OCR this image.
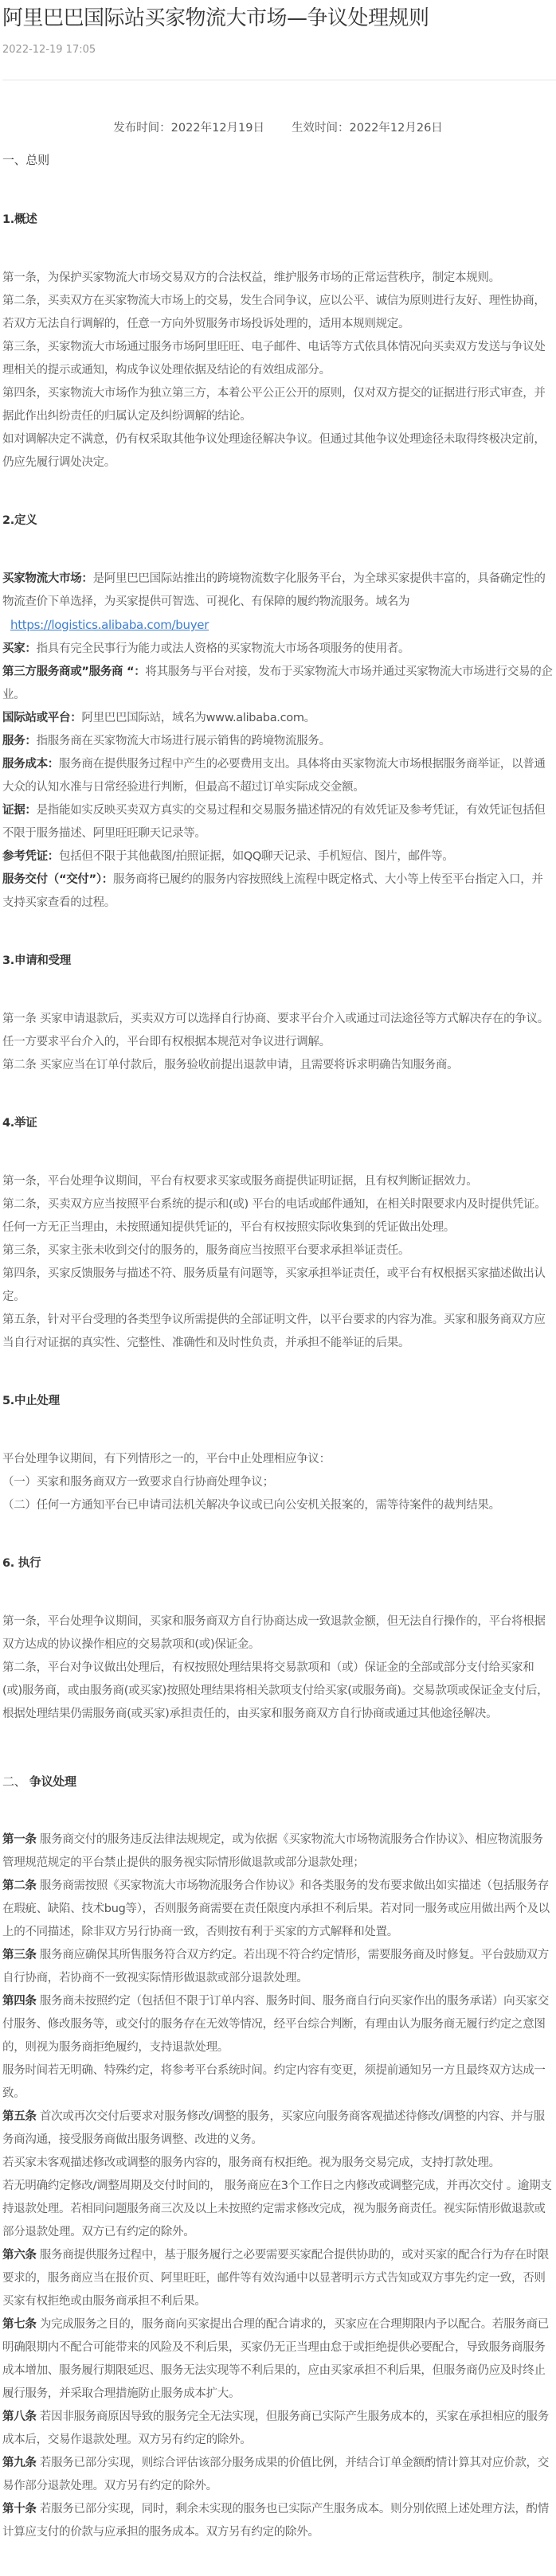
阿里巴巴国际站买家物流大市场—争议处理规则
2022-12-19 17:05
发布时间：2022年12月19日 生效时间：2022年12月26日
一、总则
1.概述

第一条，为保护买家物流大市场交易双方的合法权益，维护服务市场的正常运营秩序，制定本规则。

第二条，买卖双方在买家物流大市场上的交易，发生合同争议，应以公平、诚信为原则进行友好、理性协商，若双方无法自行调解的，任意一方向外贸服务市场投诉处理的，适用本规则规定。

第三条，买家物流大市场通过服务市场阿里旺旺、电子邮件、电话等方式依具体情况向买卖双方发送与争议处理相关的提示或通知，构成争议处理依据及结论的有效组成部分。

第四条，买家物流大市场作为独立第三方，本着公平公正公开的原则，仅对双方提交的证据进行形式审查，并据此作出纠纷责任的归属认定及纠纷调解的结论。

如对调解决定不满意，仍有权采取其他争议处理途径解决争议。但通过其他争议处理途径未取得终极决定前，仍应先履行调处决定。

2.定义

买家物流大市场：是阿里巴巴国际站推出的跨境物流数字化服务平台，为全球买家提供丰富的，具备确定性的物流查价下单选择，为买家提供可智选、可视化、有保障的履约物流服务。域名为

https://logistics.alibaba.com/buyer

买家：指具有完全民事行为能力或法人资格的买家物流大市场各项服务的使用者。

第三方服务商或”服务商 “：将其服务与平台对接，发布于买家物流大市场并通过买家物流大市场进行交易的企业。

国际站或平台：阿里巴巴国际站，域名为www.alibaba.com。

服务：指服务商在买家物流大市场进行展示销售的跨境物流服务。

服务成本：服务商在提供服务过程中产生的必要费用支出。具体将由买家物流大市场根据服务商举证，以普通大众的认知水准与日常经验进行判断，但最高不超过订单实际成交金额。

证据：是指能如实反映买卖双方真实的交易过程和交易服务描述情况的有效凭证及参考凭证，有效凭证包括但不限于服务描述、阿里旺旺聊天记录等。

参考凭证：包括但不限于其他截图/拍照证据，如QQ聊天记录、手机短信、图片，邮件等。

服务交付（“交付”）：服务商将已履约的服务内容按照线上流程中既定格式、大小等上传至平台指定入口，并支持买家查看的过程。

3.申请和受理

第一条 买家申请退款后，买卖双方可以选择自行协商、要求平台介入或通过司法途径等方式解决存在的争议。任一方要求平台介入的，平台即有权根据本规范对争议进行调解。

第二条 买家应当在订单付款后，服务验收前提出退款申请，且需要将诉求明确告知服务商。

4.举证

第一条，平台处理争议期间，平台有权要求买家或服务商提供证明证据，且有权判断证据效力。

第二条，买卖双方应当按照平台系统的提示和(或) 平台的电话或邮件通知，在相关时限要求内及时提供凭证。任何一方无正当理由，未按照通知提供凭证的，平台有权按照实际收集到的凭证做出处理。

第三条，买家主张未收到交付的服务的，服务商应当按照平台要求承担举证责任。

第四条，买家反馈服务与描述不符、服务质量有问题等，买家承担举证责任，或平台有权根据买家描述做出认定。

第五条，针对平台受理的各类型争议所需提供的全部证明文件，以平台要求的内容为准。买家和服务商双方应当自行对证据的真实性、完整性、准确性和及时性负责，并承担不能举证的后果。

5.中止处理

平台处理争议期间，有下列情形之一的，平台中止处理相应争议：

（一）买家和服务商双方一致要求自行协商处理争议；

（二）任何一方通知平台已申请司法机关解决争议或已向公安机关报案的，需等待案件的裁判结果。

6. 执行

第一条，平台处理争议期间，买家和服务商双方自行协商达成一致退款金额，但无法自行操作的，平台将根据双方达成的协议操作相应的交易款项和(或)保证金。

第二条，平台对争议做出处理后，有权按照处理结果将交易款项和（或）保证金的全部或部分支付给买家和(或)服务商，或由服务商(或买家)按照处理结果将相关款项支付给买家(或服务商)。交易款项或保证金支付后，根据处理结果仍需服务商(或买家)承担责任的，由买家和服务商双方自行协商或通过其他途径解决。

二、 争议处理

第一条 服务商交付的服务违反法律法规规定，或为依据《买家物流大市场物流服务合作协议》、相应物流服务管理规范规定的平台禁止提供的服务视实际情形做退款或部分退款处理；

第二条 服务商需按照《买家物流大市场物流服务合作协议》和各类服务的发布要求做出如实描述（包括服务存在瑕疵、缺陷、技术bug等），否则服务商需要在责任限度内承担不利后果。若对同一服务或应用做出两个及以上的不同描述，除非双方另行协商一致，否则按有利于买家的方式解释和处置。

第三条 服务商应确保其所售服务符合双方约定。若出现不符合约定情形，需要服务商及时修复。平台鼓励双方自行协商，若协商不一致视实际情形做退款或部分退款处理。

第四条 服务商未按照约定（包括但不限于订单内容、服务时间、服务商自行向买家作出的服务承诺）向买家交付服务、修改服务等，或交付的服务存在无效等情况，经平台综合判断，有理由认为服务商无履行约定之意图的，则视为服务商拒绝履约，支持退款处理。

服务时间若无明确、特殊约定，将参考平台系统时间。约定内容有变更，须提前通知另一方且最终双方达成一致。

第五条 首次或再次交付后要求对服务修改/调整的服务，买家应向服务商客观描述待修改/调整的内容、并与服务商沟通，接受服务商做出服务调整、改进的义务。

若买家未客观描述修改或调整的服务内容的，服务商有权拒绝。视为服务交易完成，支持打款处理。

若无明确约定修改/调整周期及交付时间的， 服务商应在3个工作日之内修改或调整完成，并再次交付 。逾期支持退款处理。若相同问题服务商三次及以上未按照约定需求修改完成，视为服务商责任。视实际情形做退款或部分退款处理。双方已有约定的除外。

第六条 服务商提供服务过程中，基于服务履行之必要需要买家配合提供协助的，或对买家的配合行为存在时限要求的，服务商应当在报价页、阿里旺旺，邮件等有效沟通中以显著明示方式告知或双方事先约定一致，否则买家有权拒绝或由服务商承担不利后果。

第七条 为完成服务之目的，服务商向买家提出合理的配合请求的，买家应在合理期限内予以配合。若服务商已明确限期内不配合可能带来的风险及不利后果，买家仍无正当理由怠于或拒绝提供必要配合，导致服务商服务成本增加、服务履行期限延迟、服务无法实现等不利后果的，应由买家承担不利后果，但服务商仍应及时终止履行服务，并采取合理措施防止服务成本扩大。

第八条 若因非服务商原因导致的服务完全无法实现，但服务商已实际产生服务成本的，买家在承担相应的服务成本后，交易作退款处理。双方另有约定的除外。

第九条 若服务已部分实现，则综合评估该部分服务成果的价值比例，并结合订单金额酌情计算其对应价款，交易作部分退款处理。双方另有约定的除外。

第十条 若服务已部分实现，同时，剩余未实现的服务也已实际产生服务成本。则分别依照上述处理方法，酌情计算应支付的价款与应承担的服务成本。双方另有约定的除外。
